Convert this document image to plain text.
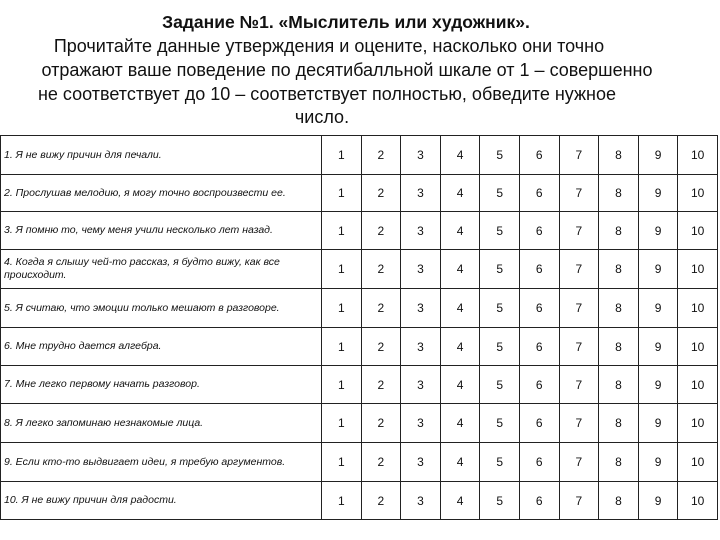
Задание №1. «Мыслитель или художник».
Прочитайте данные утверждения и оцените, насколько они точно
отражают ваше поведение по десятибалльной шкале от 1 – совершенно
не соответствует до 10 – соответствует полностью, обведите нужное
число.
1. Я не вижу причин для печали.	1	2	3	4	5	6	7	8	9	10
2. Прослушав мелодию, я могу точно воспроизвести ее.	1	2	3	4	5	6	7	8	9	10
3. Я помню то, чему меня учили несколько лет назад.	1	2	3	4	5	6	7	8	9	10
4. Когда я слышу чей-то рассказ, я будто вижу, как все происходит.	1	2	3	4	5	6	7	8	9	10
5. Я считаю, что эмоции только мешают в разговоре.	1	2	3	4	5	6	7	8	9	10
6. Мне трудно дается алгебра.	1	2	3	4	5	6	7	8	9	10
7. Мне легко первому начать разговор.	1	2	3	4	5	6	7	8	9	10
8. Я легко запоминаю незнакомые лица.	1	2	3	4	5	6	7	8	9	10
9. Если кто-то выдвигает идеи, я требую аргументов.	1	2	3	4	5	6	7	8	9	10
10. Я не вижу причин для радости.	1	2	3	4	5	6	7	8	9	10
